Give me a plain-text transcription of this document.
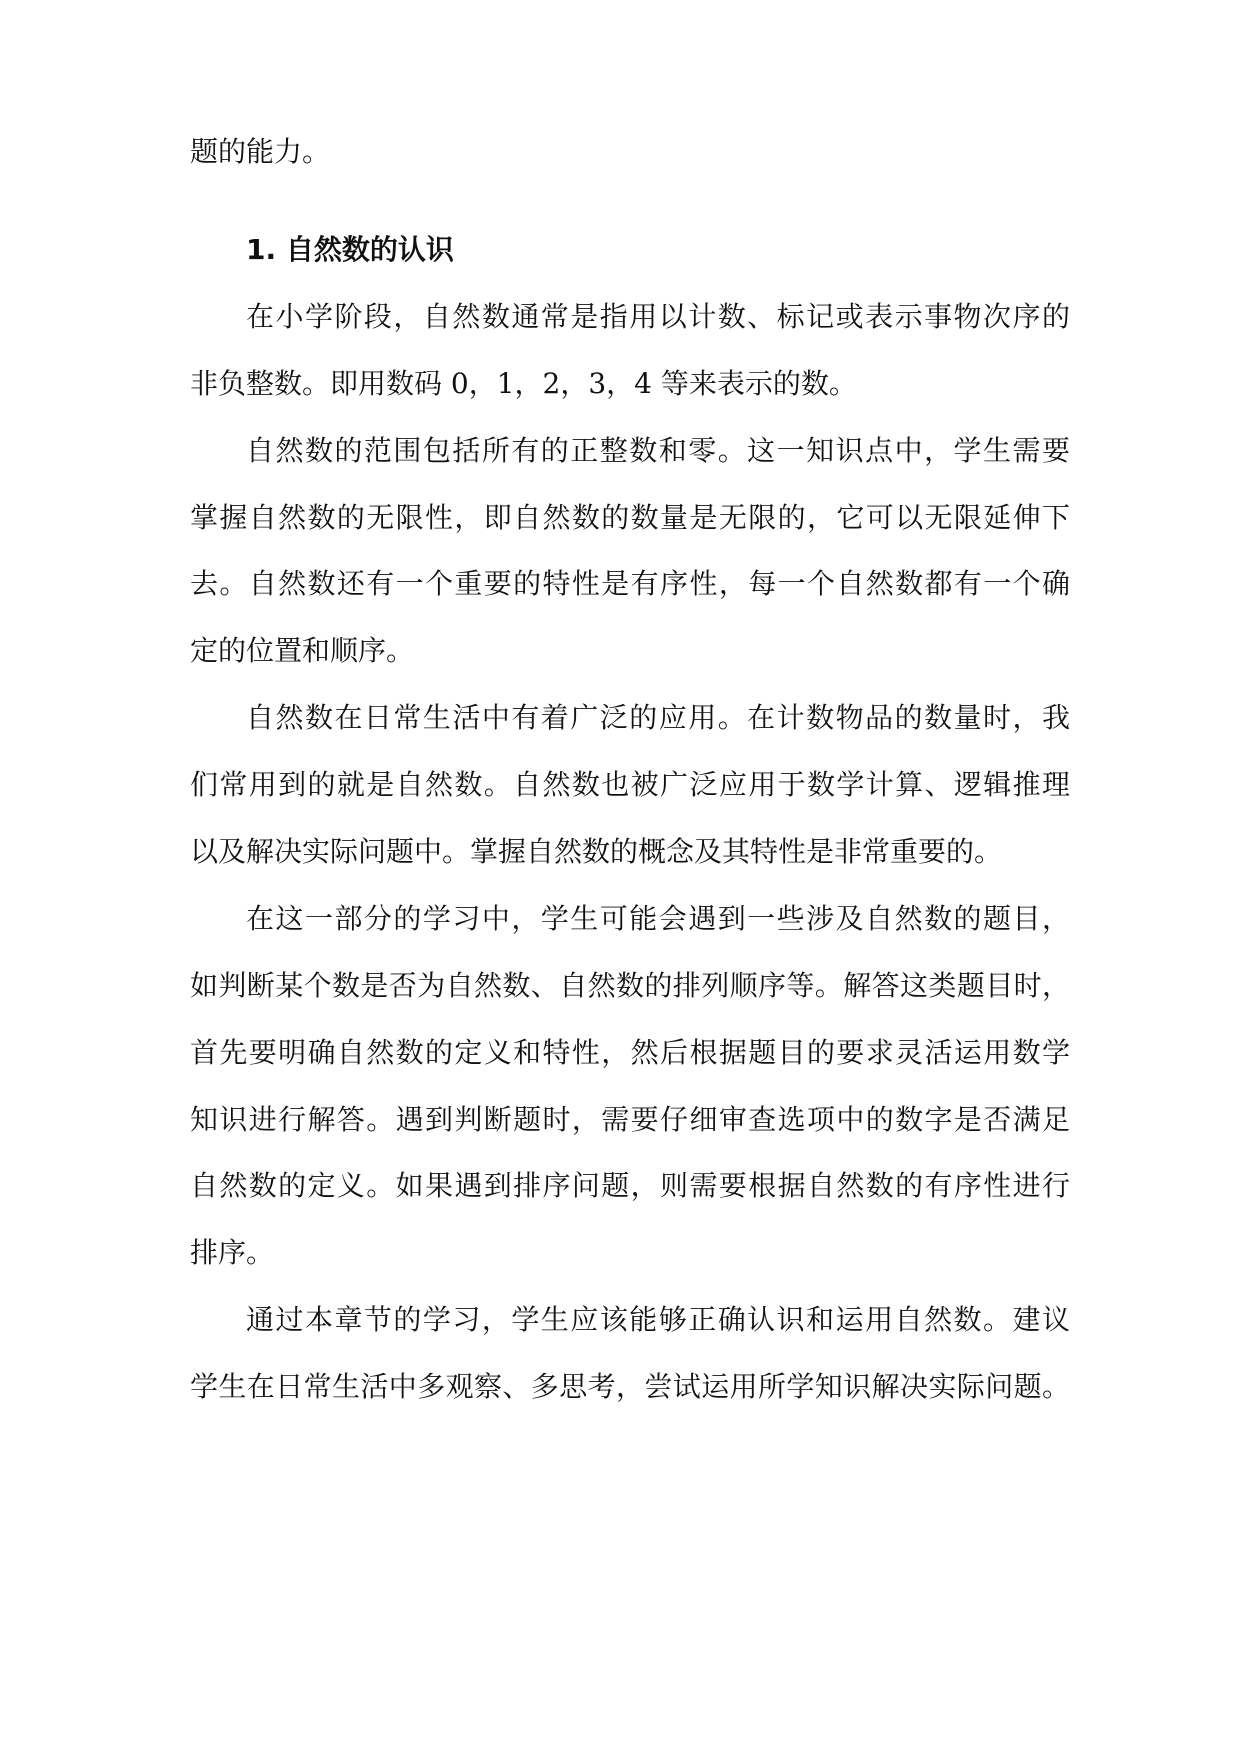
题的能力。
1. 自然数的认识
在小学阶段，自然数通常是指用以计数、标记或表示事物次序的
非负整数。即用数码 0，1，2，3，4 等来表示的数。
自然数的范围包括所有的正整数和零。这一知识点中，学生需要
掌握自然数的无限性，即自然数的数量是无限的，它可以无限延伸下
去。自然数还有一个重要的特性是有序性，每一个自然数都有一个确
定的位置和顺序。
自然数在日常生活中有着广泛的应用。在计数物品的数量时，我
们常用到的就是自然数。自然数也被广泛应用于数学计算、逻辑推理
以及解决实际问题中。掌握自然数的概念及其特性是非常重要的。
在这一部分的学习中，学生可能会遇到一些涉及自然数的题目，
如判断某个数是否为自然数、自然数的排列顺序等。解答这类题目时，
首先要明确自然数的定义和特性，然后根据题目的要求灵活运用数学
知识进行解答。遇到判断题时，需要仔细审查选项中的数字是否满足
自然数的定义。如果遇到排序问题，则需要根据自然数的有序性进行
排序。
通过本章节的学习，学生应该能够正确认识和运用自然数。建议
学生在日常生活中多观察、多思考，尝试运用所学知识解决实际问题。
